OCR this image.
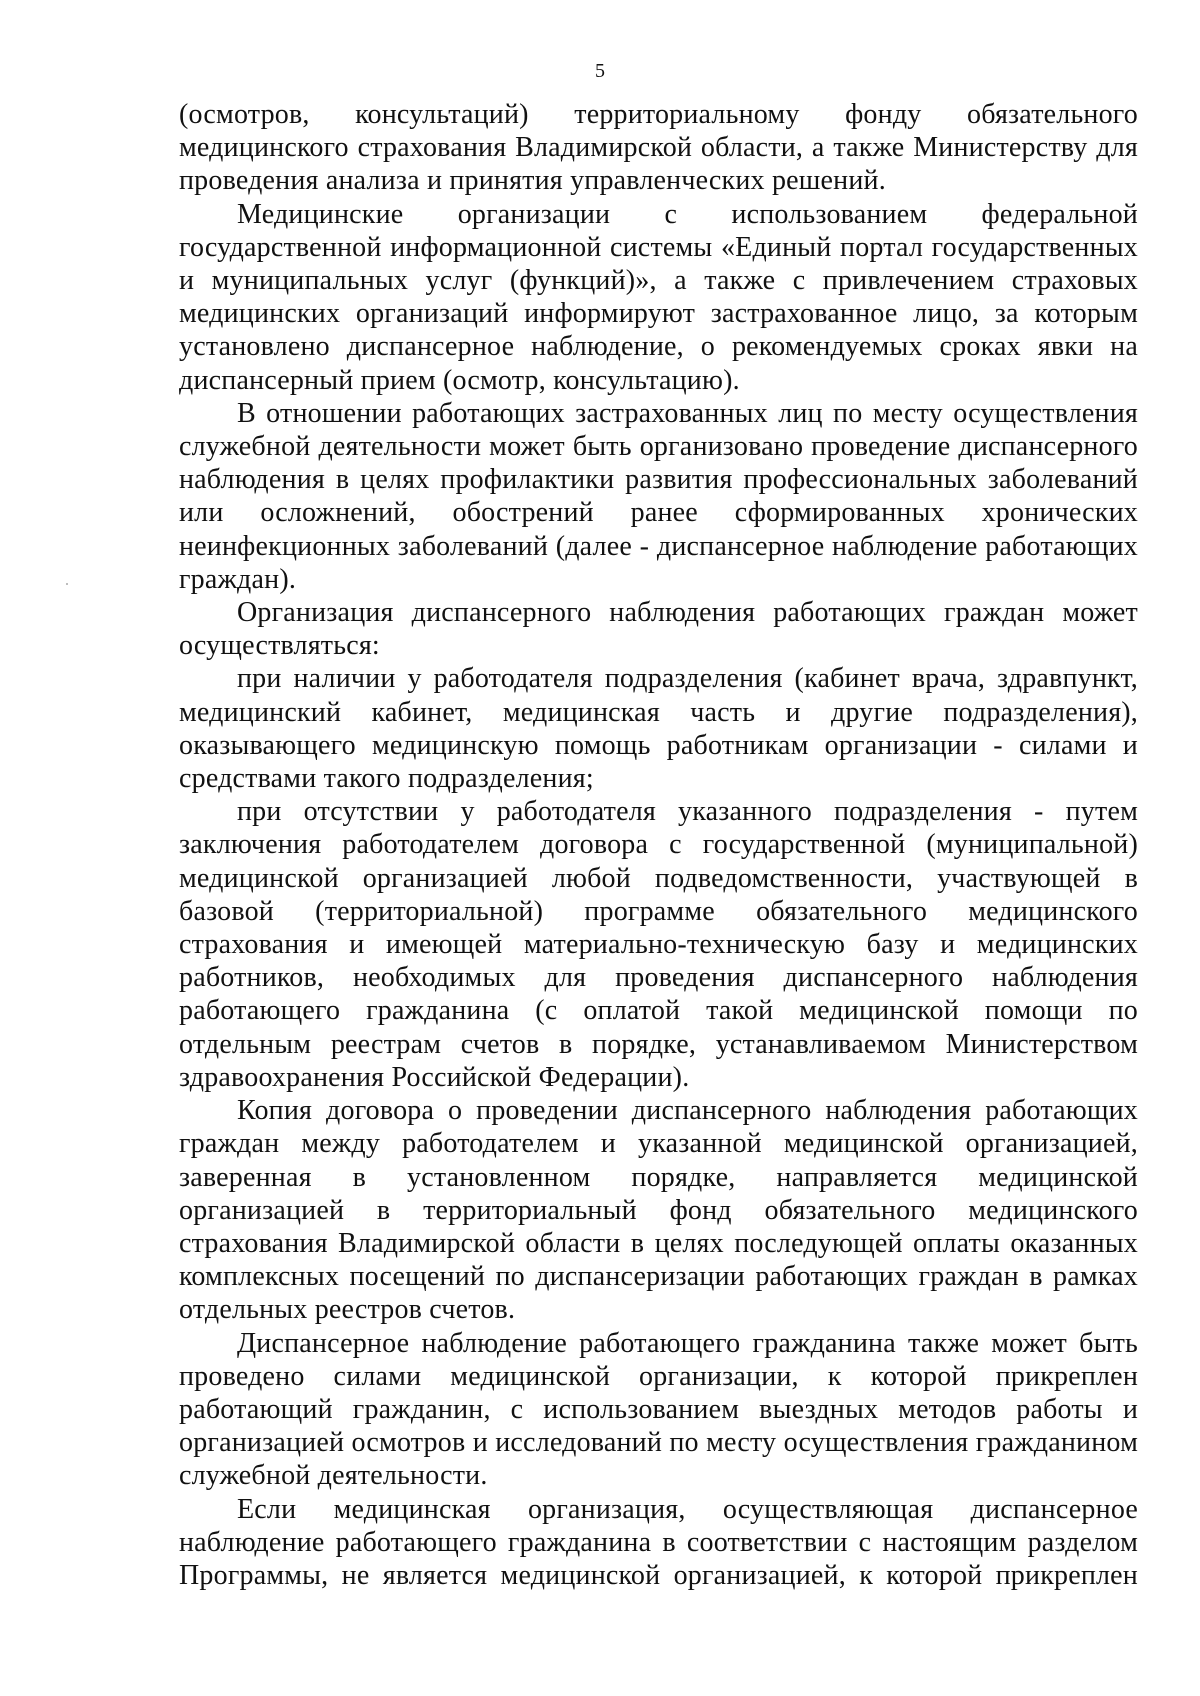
5

(осмотров, консультаций) территориальному фонду обязательного медицинского страхования Владимирской области, а также Министерству для проведения анализа и принятия управленческих решений.

Медицинские организации с использованием федеральной государственной информационной системы «Единый портал государственных и муниципальных услуг (функций)», а также с привлечением страховых медицинских организаций информируют застрахованное лицо, за которым установлено диспансерное наблюдение, о рекомендуемых сроках явки на диспансерный прием (осмотр, консультацию).

В отношении работающих застрахованных лиц по месту осуществления служебной деятельности может быть организовано проведение диспансерного наблюдения в целях профилактики развития профессиональных заболеваний или осложнений, обострений ранее сформированных хронических неинфекционных заболеваний (далее - диспансерное наблюдение работающих граждан).

Организация диспансерного наблюдения работающих граждан может осуществляться:

при наличии у работодателя подразделения (кабинет врача, здравпункт, медицинский кабинет, медицинская часть и другие подразделения), оказывающего медицинскую помощь работникам организации - силами и средствами такого подразделения;

при отсутствии у работодателя указанного подразделения - путем заключения работодателем договора с государственной (муниципальной) медицинской организацией любой подведомственности, участвующей в базовой (территориальной) программе обязательного медицинского страхования и имеющей материально-техническую базу и медицинских работников, необходимых для проведения диспансерного наблюдения работающего гражданина (с оплатой такой медицинской помощи по отдельным реестрам счетов в порядке, устанавливаемом Министерством здравоохранения Российской Федерации).

Копия договора о проведении диспансерного наблюдения работающих граждан между работодателем и указанной медицинской организацией, заверенная в установленном порядке, направляется медицинской организацией в территориальный фонд обязательного медицинского страхования Владимирской области в целях последующей оплаты оказанных комплексных посещений по диспансеризации работающих граждан в рамках отдельных реестров счетов.

Диспансерное наблюдение работающего гражданина также может быть проведено силами медицинской организации, к которой прикреплен работающий гражданин, с использованием выездных методов работы и организацией осмотров и исследований по месту осуществления гражданином служебной деятельности.

Если медицинская организация, осуществляющая диспансерное наблюдение работающего гражданина в соответствии с настоящим разделом Программы, не является медицинской организацией, к которой прикреплен
